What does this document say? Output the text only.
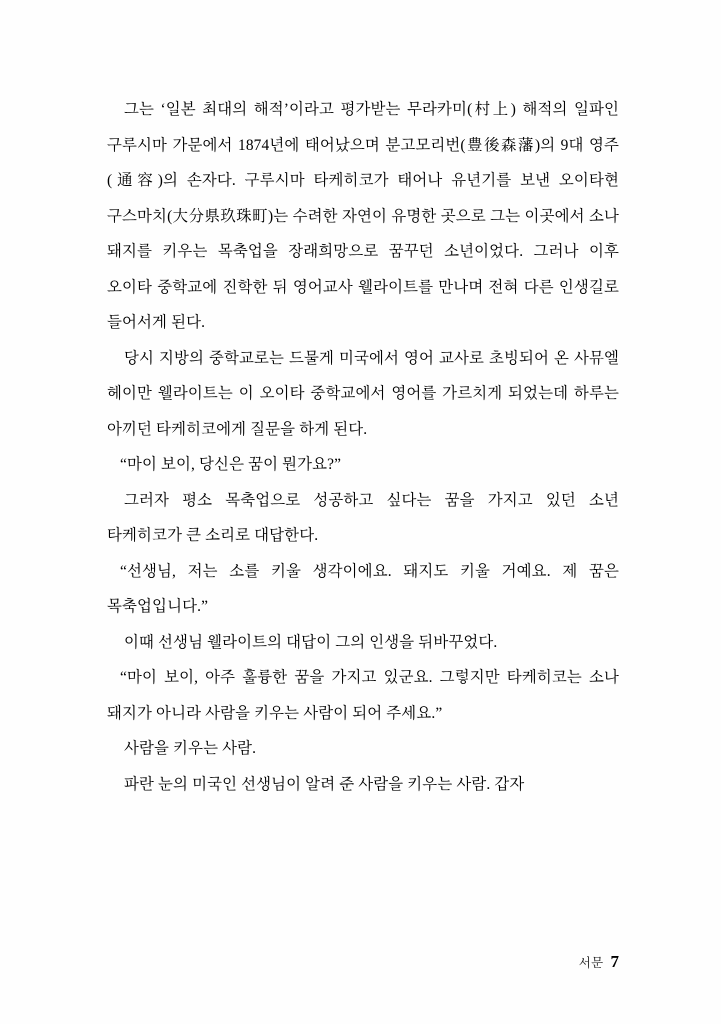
그는 ‘일본 최대의 해적’이라고 평가받는 무라카미(村上) 해적의 일파인 구루시마 가문에서 1874년에 태어났으며 분고모리번(豊後森藩)의 9대 영주(通容)의 손자다. 구루시마 타케히코가 태어나 유년기를 보낸 오이타현 구스마치(大分県玖珠町)는 수려한 자연이 유명한 곳으로 그는 이곳에서 소나 돼지를 키우는 목축업을 장래희망으로 꿈꾸던 소년이었다. 그러나 이후 오이타 중학교에 진학한 뒤 영어교사 웰라이트를 만나며 전혀 다른 인생길로 들어서게 된다.

당시 지방의 중학교로는 드물게 미국에서 영어 교사로 초빙되어 온 사뮤엘 헤이만 웰라이트는 이 오이타 중학교에서 영어를 가르치게 되었는데 하루는 아끼던 타케히코에게 질문을 하게 된다.

“마이 보이, 당신은 꿈이 뭔가요?”

그러자 평소 목축업으로 성공하고 싶다는 꿈을 가지고 있던 소년 타케히코가 큰 소리로 대답한다.

“선생님, 저는 소를 키울 생각이에요. 돼지도 키울 거예요. 제 꿈은 목축업입니다.”

이때 선생님 웰라이트의 대답이 그의 인생을 뒤바꾸었다.

“마이 보이, 아주 훌륭한 꿈을 가지고 있군요. 그렇지만 타케히코는 소나 돼지가 아니라 사람을 키우는 사람이 되어 주세요.”

사람을 키우는 사람.

파란 눈의 미국인 선생님이 알려 준 사람을 키우는 사람. 갑자

서문 7
